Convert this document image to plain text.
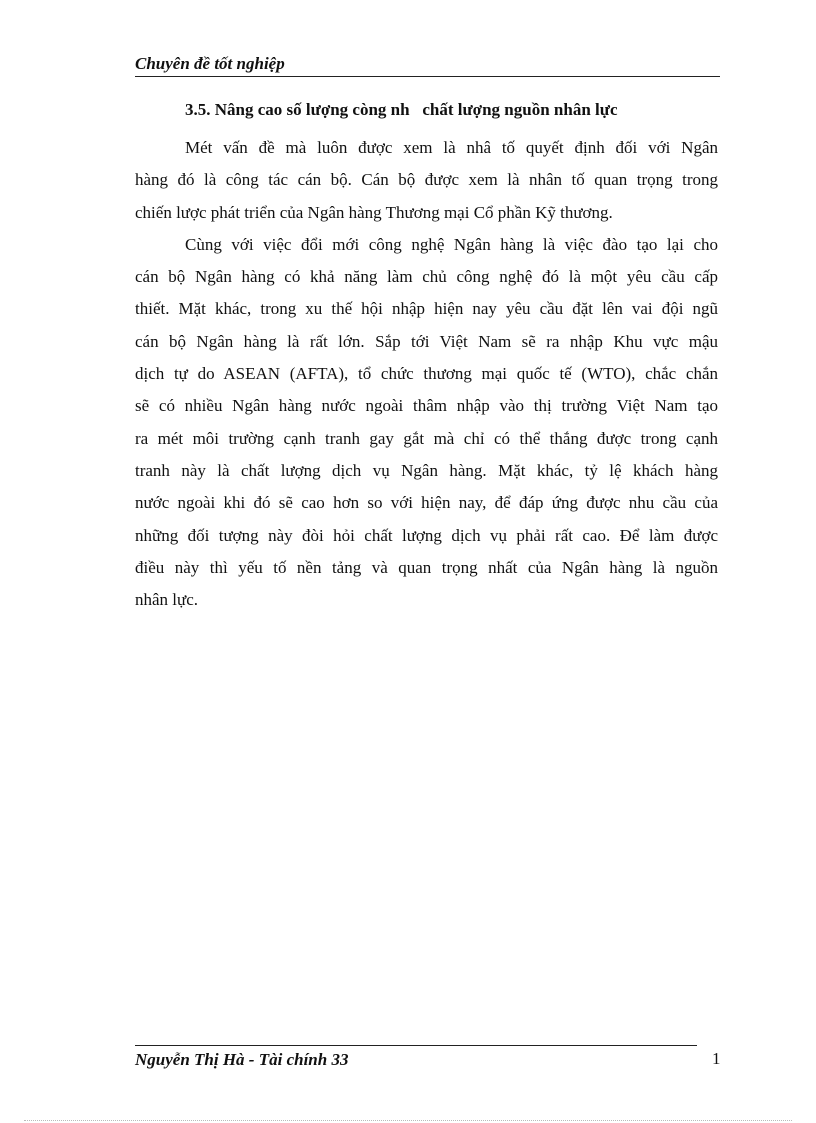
Chuyên đề tốt nghiệp
3.5. Nâng cao số lượng còng nh   chất lượng nguồn nhân lực

Mét vấn đề mà luôn được xem là nhâ tố quyết định đối với Ngân
hàng đó là công tác cán bộ. Cán bộ được xem là nhân tố quan trọng trong
chiến lược phát triển của Ngân hàng Thương mại Cổ phần Kỹ thương.

Cùng với việc đổi mới công nghệ Ngân hàng là việc đào tạo lại cho
cán bộ Ngân hàng có khả năng làm chủ công nghệ đó là một yêu cầu cấp
thiết. Mặt khác, trong xu thế hội nhập hiện nay yêu cầu đặt lên vai đội ngũ
cán bộ Ngân hàng là rất lớn. Sắp tới Việt Nam sẽ ra nhập Khu vực mậu
dịch tự do ASEAN (AFTA), tổ chức thương mại quốc tế (WTO), chắc chắn
sẽ có nhiều Ngân hàng nước ngoài thâm nhập vào thị trường Việt Nam tạo
ra mét môi trường cạnh tranh gay gắt mà chỉ có thể thắng được trong cạnh
tranh này là chất lượng dịch vụ Ngân hàng. Mặt khác, tỷ lệ khách hàng
nước ngoài khi đó sẽ cao hơn so với hiện nay, để đáp ứng được nhu cầu của
những đối tượng này đòi hỏi chất lượng dịch vụ phải rất cao. Để làm được
điều này thì yếu tố nền tảng và quan trọng nhất của Ngân hàng là nguồn
nhân lực.

Nguyễn Thị Hà - Tài chính 33	1
